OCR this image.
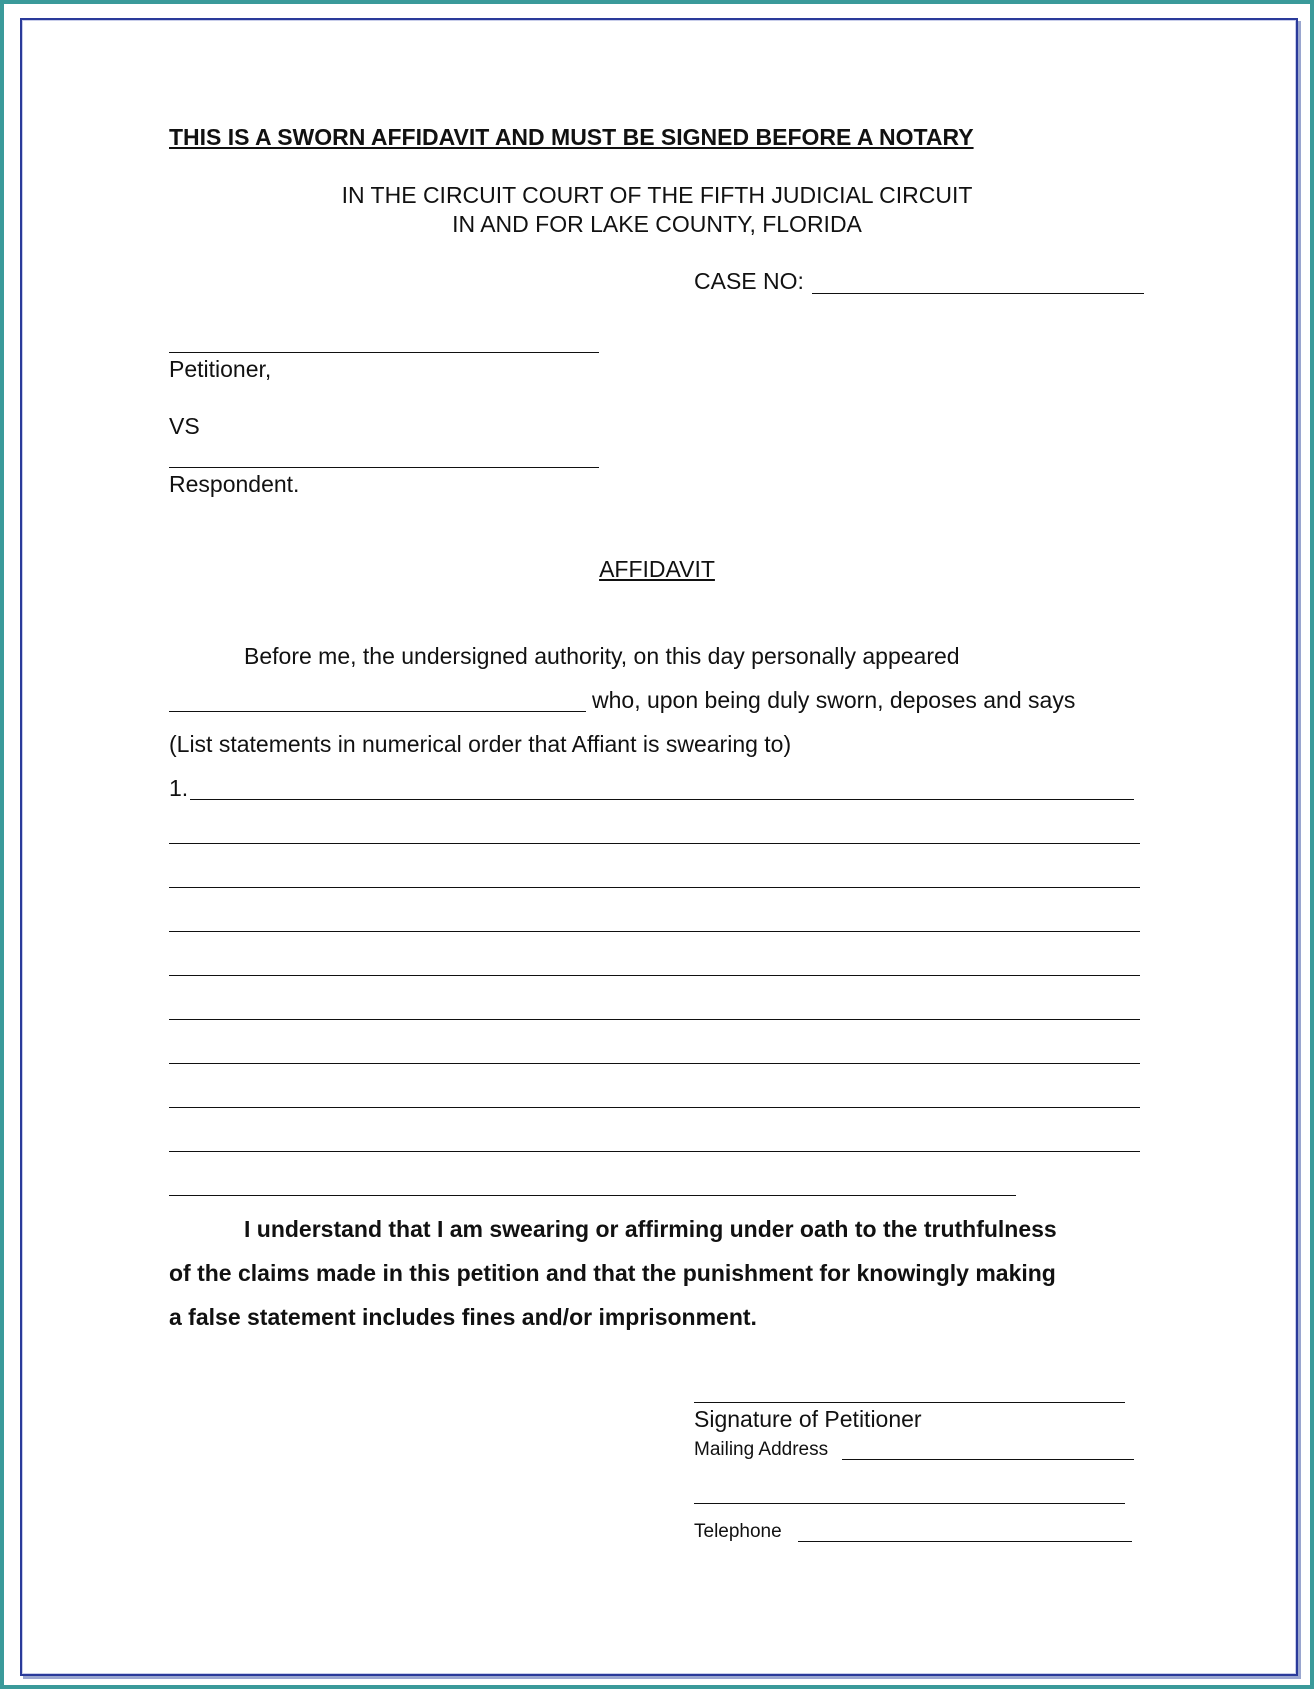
THIS IS A SWORN AFFIDAVIT AND MUST BE SIGNED BEFORE A NOTARY
IN THE CIRCUIT COURT OF THE FIFTH JUDICIAL CIRCUIT
IN AND FOR LAKE COUNTY, FLORIDA
CASE NO:
Petitioner,
VS
Respondent.
AFFIDAVIT
Before me, the undersigned authority, on this day personally appeared
who, upon being duly sworn, deposes and says
(List statements in numerical order that Affiant is swearing to)
1.
I understand that I am swearing or affirming under oath to the truthfulness
of the claims made in this petition and that the punishment for knowingly making
a false statement includes fines and/or imprisonment.
Signature of Petitioner
Mailing Address
Telephone
